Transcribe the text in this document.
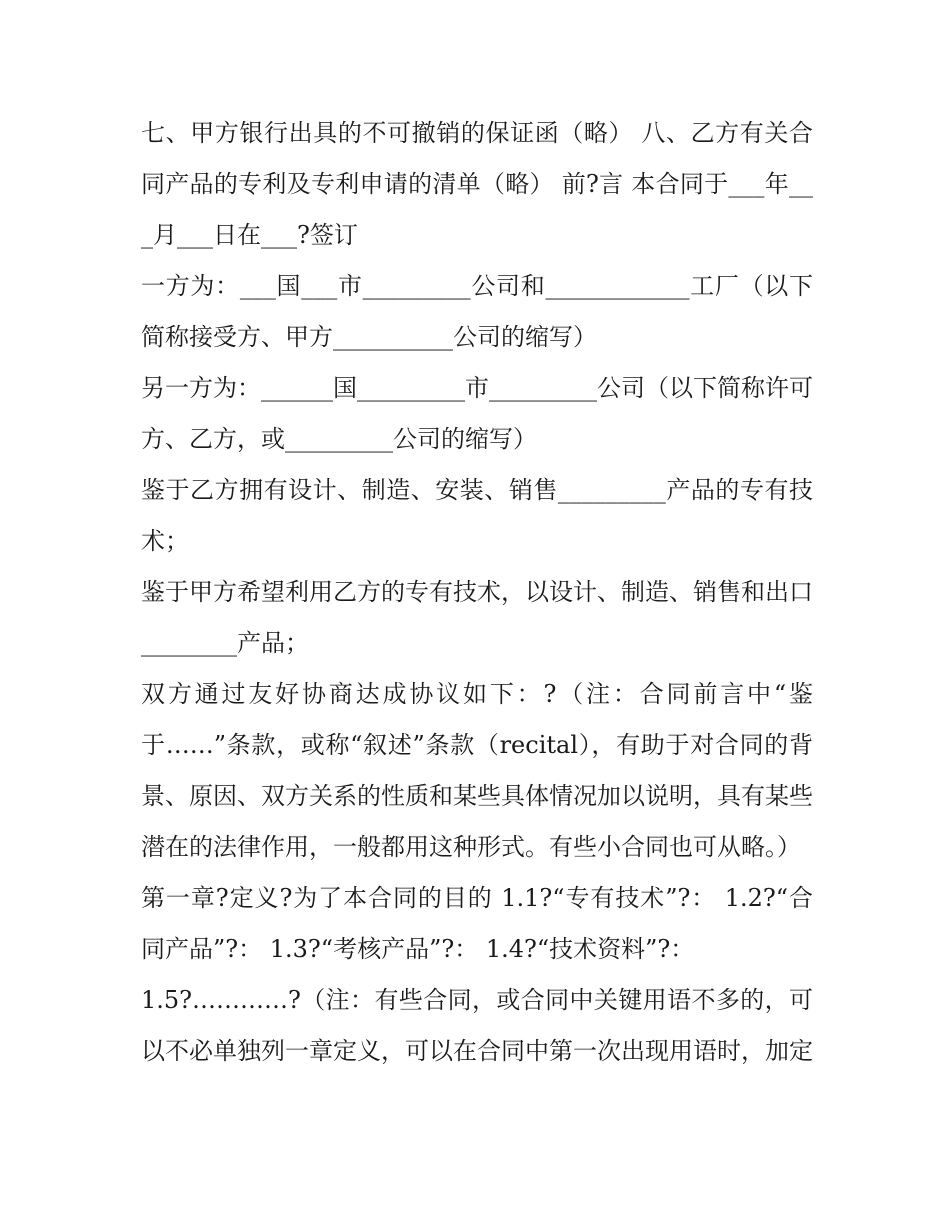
七、甲方银行出具的不可撤销的保证函（略） 八、乙方有关合同产品的专利及专利申请的清单（略） 前?言 本合同于___年___月___日在___?签订

一方为：___国___市_________公司和____________工厂（以下简称接受方、甲方__________公司的缩写）

另一方为：______国_________市_________公司（以下简称许可方、乙方，或_________公司的缩写）

鉴于乙方拥有设计、制造、安装、销售_________产品的专有技术；

鉴于甲方希望利用乙方的专有技术，以设计、制造、销售和出口________产品；

双方通过友好协商达成协议如下：?（注：合同前言中“鉴于……”条款，或称“叙述”条款（recital），有助于对合同的背景、原因、双方关系的性质和某些具体情况加以说明，具有某些潜在的法律作用，一般都用这种形式。有些小合同也可从略。）

第一章?定义?为了本合同的目的 1.1?“专有技术”?： 1.2?“合同产品”?： 1.3?“考核产品”?： 1.4?“技术资料”?：

1.5?…………?（注：有些合同，或合同中关键用语不多的，可以不必单独列一章定义，可以在合同中第一次出现用语时，加定
